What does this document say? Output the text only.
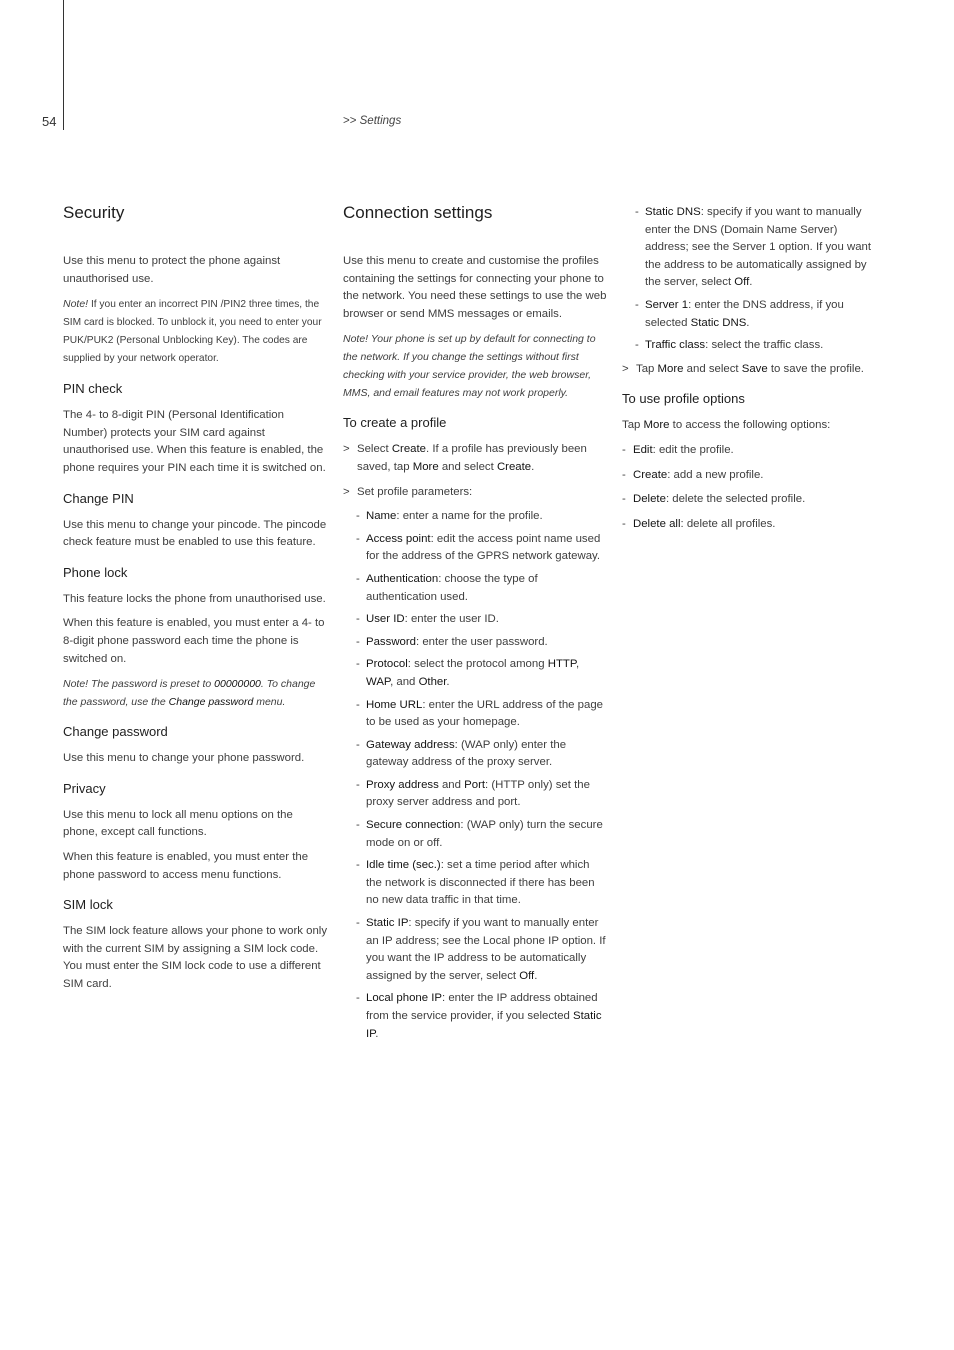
54	>> Settings
Security

Use this menu to protect the phone against unauthorised use.

Note! If you enter an incorrect PIN /PIN2 three times, the SIM card is blocked. To unblock it, you need to enter your PUK/PUK2 (Personal Unblocking Key). The codes are supplied by your network operator.

PIN check

The 4- to 8-digit PIN (Personal Identification Number) protects your SIM card against unauthorised use. When this feature is enabled, the phone requires your PIN each time it is switched on.

Change PIN

Use this menu to change your pincode. The pincode check feature must be enabled to use this feature.

Phone lock

This feature locks the phone from unauthorised use.

When this feature is enabled, you must enter a 4- to 8-digit phone password each time the phone is switched on.

Note! The password is preset to 00000000. To change the password, use the Change password menu.

Change password

Use this menu to change your phone password.

Privacy

Use this menu to lock all menu options on the phone, except call functions.

When this feature is enabled, you must enter the phone password to access menu functions.

SIM lock

The SIM lock feature allows your phone to work only with the current SIM by assigning a SIM lock code. You must enter the SIM lock code to use a different SIM card.

Connection settings

Use this menu to create and customise the profiles containing the settings for connecting your phone to the network. You need these settings to use the web browser or send MMS messages or emails.

Note! Your phone is set up by default for connecting to the network. If you change the settings without first checking with your service provider, the web browser, MMS, and email features may not work properly.

To create a profile
> Select Create. If a profile has previously been saved, tap More and select Create.
> Set profile parameters:
- Name: enter a name for the profile.
- Access point: edit the access point name used for the address of the GPRS network gateway.
- Authentication: choose the type of authentication used.
- User ID: enter the user ID.
- Password: enter the user password.
- Protocol: select the protocol among HTTP, WAP, and Other.
- Home URL: enter the URL address of the page to be used as your homepage.
- Gateway address: (WAP only) enter the gateway address of the proxy server.
- Proxy address and Port: (HTTP only) set the proxy server address and port.
- Secure connection: (WAP only) turn the secure mode on or off.
- Idle time (sec.): set a time period after which the network is disconnected if there has been no new data traffic in that time.
- Static IP: specify if you want to manually enter an IP address; see the Local phone IP option. If you want the IP address to be automatically assigned by the server, select Off.
- Local phone IP: enter the IP address obtained from the service provider, if you selected Static IP.
- Static DNS: specify if you want to manually enter the DNS (Domain Name Server) address; see the Server 1 option. If you want the address to be automatically assigned by the server, select Off.
- Server 1: enter the DNS address, if you selected Static DNS.
- Traffic class: select the traffic class.
> Tap More and select Save to save the profile.
To use profile options

Tap More to access the following options:

- Edit: edit the profile.
- Create: add a new profile.
- Delete: delete the selected profile.
- Delete all: delete all profiles.
